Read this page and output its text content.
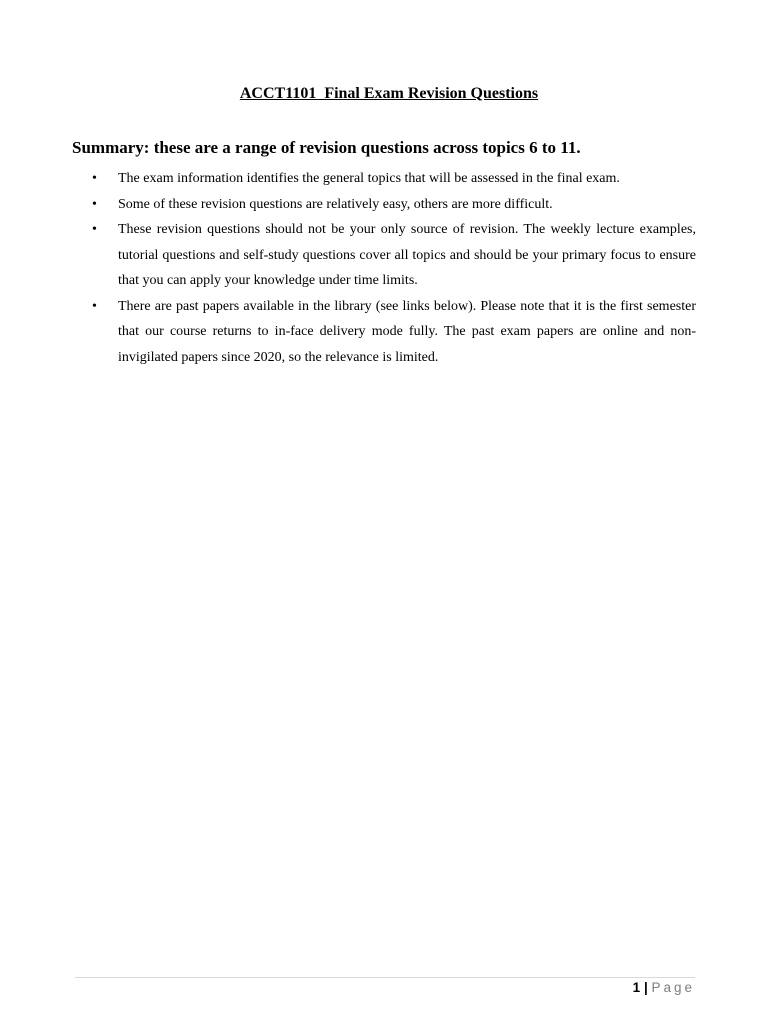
ACCT1101  Final Exam Revision Questions
Summary: these are a range of revision questions across topics 6 to 11.
• The exam information identifies the general topics that will be assessed in the final exam.
• Some of these revision questions are relatively easy, others are more difficult.
• These revision questions should not be your only source of revision. The weekly lecture examples, tutorial questions and self-study questions cover all topics and should be your primary focus to ensure that you can apply your knowledge under time limits.
• There are past papers available in the library (see links below). Please note that it is the first semester that our course returns to in-face delivery mode fully. The past exam papers are online and non-invigilated papers since 2020, so the relevance is limited.
1 | Page
